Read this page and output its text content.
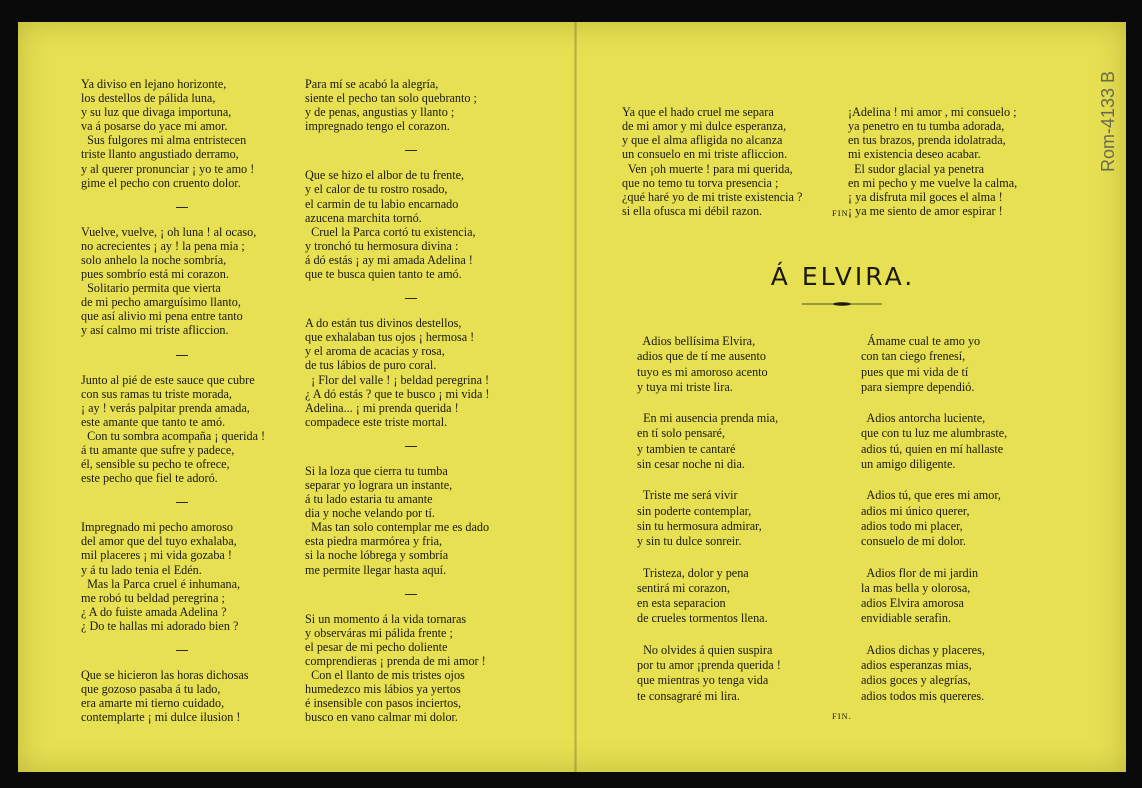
Rom-4133 B
Ya diviso en lejano horizonte,
los destellos de pálida luna,
y su luz que divaga importuna,
va á posarse do yace mi amor.
Sus fulgores mi alma entristecen
triste llanto angustiado derramo,
y al querer pronunciar ¡ yo te amo !
gime el pecho con cruento dolor.
Vuelve, vuelve, ¡ oh luna ! al ocaso,
no acrecientes ¡ ay ! la pena mia ;
solo anhelo la noche sombría,
pues sombrío está mi corazon.
Solitario permita que vierta
de mi pecho amarguísimo llanto,
que así alivio mi pena entre tanto
y así calmo mi triste afliccion.
Junto al pié de este sauce que cubre
con sus ramas tu triste morada,
¡ ay ! verás palpitar prenda amada,
este amante que tanto te amó.
Con tu sombra acompaña ¡ querida !
á tu amante que sufre y padece,
él, sensible su pecho te ofrece,
este pecho que fiel te adoró.
Impregnado mi pecho amoroso
del amor que del tuyo exhalaba,
mil placeres ¡ mi vida gozaba !
y á tu lado tenia el Edén.
Mas la Parca cruel é inhumana,
me robó tu beldad peregrina ;
¿ A do fuiste amada Adelina ?
¿ Do te hallas mi adorado bien ?
Que se hicieron las horas dichosas
que gozoso pasaba á tu lado,
era amarte mi tierno cuidado,
contemplarte ¡ mi dulce ilusion !
Para mí se acabó la alegría,
siente el pecho tan solo quebranto ;
y de penas, angustias y llanto ;
impregnado tengo el corazon.
Que se hizo el albor de tu frente,
y el calor de tu rostro rosado,
el carmin de tu labio encarnado
azucena marchita tornó.
Cruel la Parca cortó tu existencia,
y tronchó tu hermosura divina :
á dó estás ¡ ay mi amada Adelina !
que te busca quien tanto te amó.
A do están tus divinos destellos,
que exhalaban tus ojos ¡ hermosa !
y el aroma de acacias y rosa,
de tus lábios de puro coral.
¡ Flor del valle ! ¡ beldad peregrina !
¿ A dó estás ? que te busco ¡ mi vida !
Adelina... ¡ mi prenda querida !
compadece este triste mortal.
Si la loza que cierra tu tumba
separar yo lograra un instante,
á tu lado estaria tu amante
dia y noche velando por tí.
Mas tan solo contemplar me es dado
esta piedra marmórea y fria,
si la noche lóbrega y sombría
me permite llegar hasta aquí.
Si un momento á la vida tornaras
y observáras mi pálida frente ;
el pesar de mi pecho doliente
comprendieras ¡ prenda de mi amor !
Con el llanto de mis tristes ojos
humedezco mis lábios ya yertos
é insensible con pasos inciertos,
busco en vano calmar mi dolor.

Ya que el hado cruel me separa
de mi amor y mi dulce esperanza,
y que el alma afligida no alcanza
un consuelo en mi triste afliccion.
Ven ¡oh muerte ! para mi querida,
que no temo tu torva presencia ;
¿qué haré yo de mi triste existencia ?
si ella ofusca mi débil razon.

¡Adelina ! mi amor , mi consuelo ;
ya penetro en tu tumba adorada,
en tus brazos, prenda idolatrada,
mi existencia deseo acabar.
El sudor glacial ya penetra
en mi pecho y me vuelve la calma,
¡ ya disfruta mil goces el alma !
¡ ya me siento de amor espirar !

FIN.
Á ELVIRA.
Adios bellísima Elvira,
adios que de tí me ausento
tuyo es mi amoroso acento
y tuya mi triste lira.
En mi ausencia prenda mia,
en tí solo pensaré,
y tambien te cantaré
sin cesar noche ni dia.
Triste me será vivir
sin poderte contemplar,
sin tu hermosura admirar,
y sin tu dulce sonreir.
Tristeza, dolor y pena
sentirá mi corazon,
en esta separacion
de crueles tormentos llena.
No olvides á quien suspira
por tu amor ¡prenda querida !
que mientras yo tenga vida
te consagraré mi lira.
Ámame cual te amo yo
con tan ciego frenesí,
pues que mi vida de tí
para siempre dependió.
Adios antorcha luciente,
que con tu luz me alumbraste,
adios tú, quien en mí hallaste
un amigo diligente.
Adios tú, que eres mi amor,
adios mi único querer,
adios todo mi placer,
consuelo de mi dolor.
Adios flor de mi jardin
la mas bella y olorosa,
adios Elvira amorosa
envidiable serafin.
Adios dichas y placeres,
adios esperanzas mias,
adios goces y alegrías,
adios todos mis quereres.
FIN.
